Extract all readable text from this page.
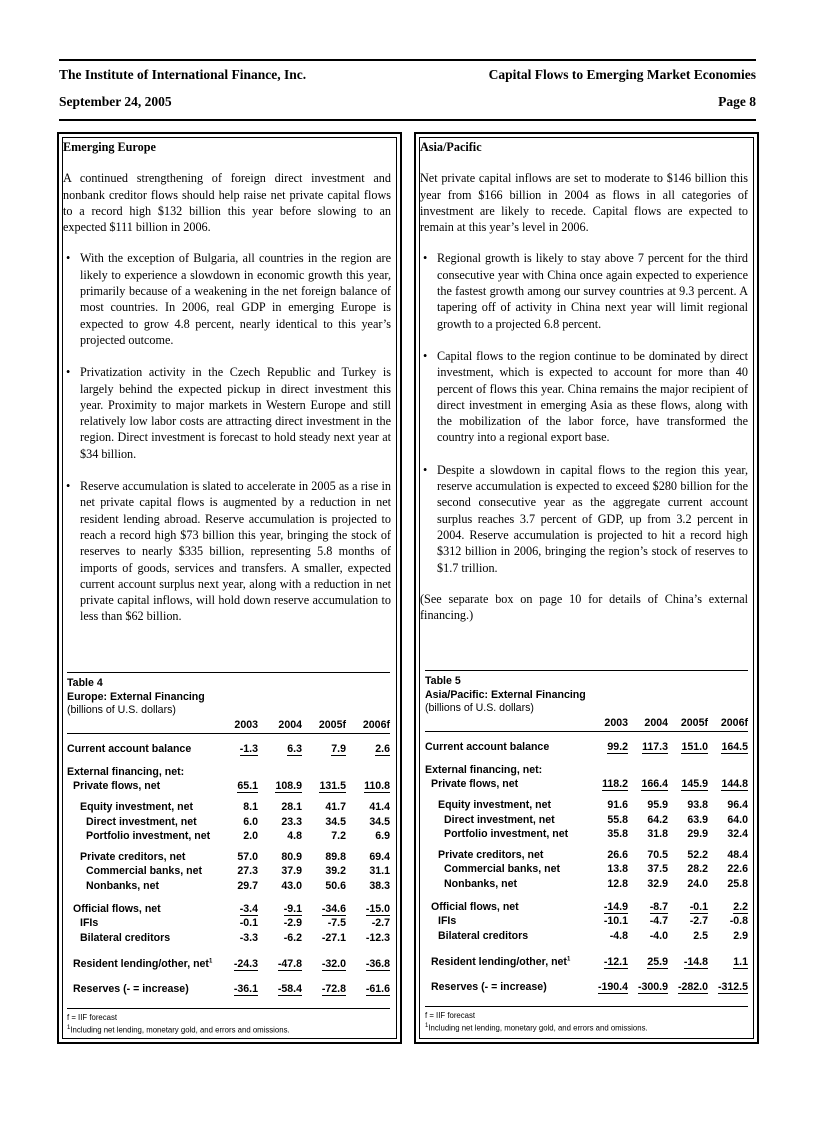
The Institute of International Finance, Inc.	Capital Flows to Emerging Market Economies
September 24, 2005	Page 8
Emerging Europe

A continued strengthening of foreign direct investment and nonbank creditor flows should help raise net private capital flows to a record high $132 billion this year before slowing to an expected $111 billion in 2006.

• With the exception of Bulgaria, all countries in the region are likely to experience a slowdown in economic growth this year, primarily because of a weakening in the net foreign balance of most countries. In 2006, real GDP in emerging Europe is expected to grow 4.8 percent, nearly identical to this year’s projected outcome.
• Privatization activity in the Czech Republic and Turkey is largely behind the expected pickup in direct investment this year. Proximity to major markets in Western Europe and still relatively low labor costs are attracting direct investment in the region. Direct investment is forecast to hold steady next year at $34 billion.
• Reserve accumulation is slated to accelerate in 2005 as a rise in net private capital flows is augmented by a reduction in net resident lending abroad. Reserve accumulation is projected to reach a record high $73 billion this year, bringing the stock of reserves to nearly $335 billion, representing 5.8 months of imports of goods, services and transfers. A smaller, expected current account surplus next year, along with a reduction in net private capital inflows, will hold down reserve accumulation to less than $62 billion.
Asia/Pacific

Net private capital inflows are set to moderate to $146 billion this year from $166 billion in 2004 as flows in all categories of investment are likely to recede. Capital flows are expected to remain at this year’s level in 2006.

• Regional growth is likely to stay above 7 percent for the third consecutive year with China once again expected to experience the fastest growth among our survey countries at 9.3 percent. A tapering off of activity in China next year will limit regional growth to a projected 6.8 percent.
• Capital flows to the region continue to be dominated by direct investment, which is expected to account for more than 40 percent of flows this year. China remains the major recipient of direct investment in emerging Asia as these flows, along with the mobilization of the labor force, have transformed the country into a regional export base.
• Despite a slowdown in capital flows to the region this year, reserve accumulation is expected to exceed $280 billion for the second consecutive year as the aggregate current account surplus reaches 3.7 percent of GDP, up from 3.2 percent in 2004. Reserve accumulation is projected to hit a record high $312 billion in 2006, bringing the region’s stock of reserves to $1.7 trillion.

(See separate box on page 10 for details of China’s external financing.)

Table 4
Europe: External Financing
(billions of U.S. dollars)
	2003	2004	2005f	2006f

Current account balance	-1.3	6.3	7.9	2.6

External financing, net:				
Private flows, net	65.1	108.9	131.5	110.8

Equity investment, net	8.1	28.1	41.7	41.4
Direct investment, net	6.0	23.3	34.5	34.5
Portfolio investment, net	2.0	4.8	7.2	6.9

Private creditors, net	57.0	80.9	89.8	69.4
Commercial banks, net	27.3	37.9	39.2	31.1
Nonbanks, net	29.7	43.0	50.6	38.3

Official flows, net	-3.4	-9.1	-34.6	-15.0
IFIs	-0.1	-2.9	-7.5	-2.7
Bilateral creditors	-3.3	-6.2	-27.1	-12.3

Resident lending/other, net$^1$	-24.3	-47.8	-32.0	-36.8

Reserves (- = increase)	-36.1	-58.4	-72.8	-61.6
f = IIF forecast
$^1$Including net lending, monetary gold, and errors and omissions.
Table 5
Asia/Pacific: External Financing
(billions of U.S. dollars)
	2003	2004	2005f	2006f

Current account balance	99.2	117.3	151.0	164.5

External financing, net:				
Private flows, net	118.2	166.4	145.9	144.8

Equity investment, net	91.6	95.9	93.8	96.4
Direct investment, net	55.8	64.2	63.9	64.0
Portfolio investment, net	35.8	31.8	29.9	32.4

Private creditors, net	26.6	70.5	52.2	48.4
Commercial banks, net	13.8	37.5	28.2	22.6
Nonbanks, net	12.8	32.9	24.0	25.8

Official flows, net	-14.9	-8.7	-0.1	2.2
IFIs	-10.1	-4.7	-2.7	-0.8
Bilateral creditors	-4.8	-4.0	2.5	2.9

Resident lending/other, net$^1$	-12.1	25.9	-14.8	1.1

Reserves (- = increase)	-190.4	-300.9	-282.0	-312.5
f = IIF forecast
$^1$Including net lending, monetary gold, and errors and omissions.
